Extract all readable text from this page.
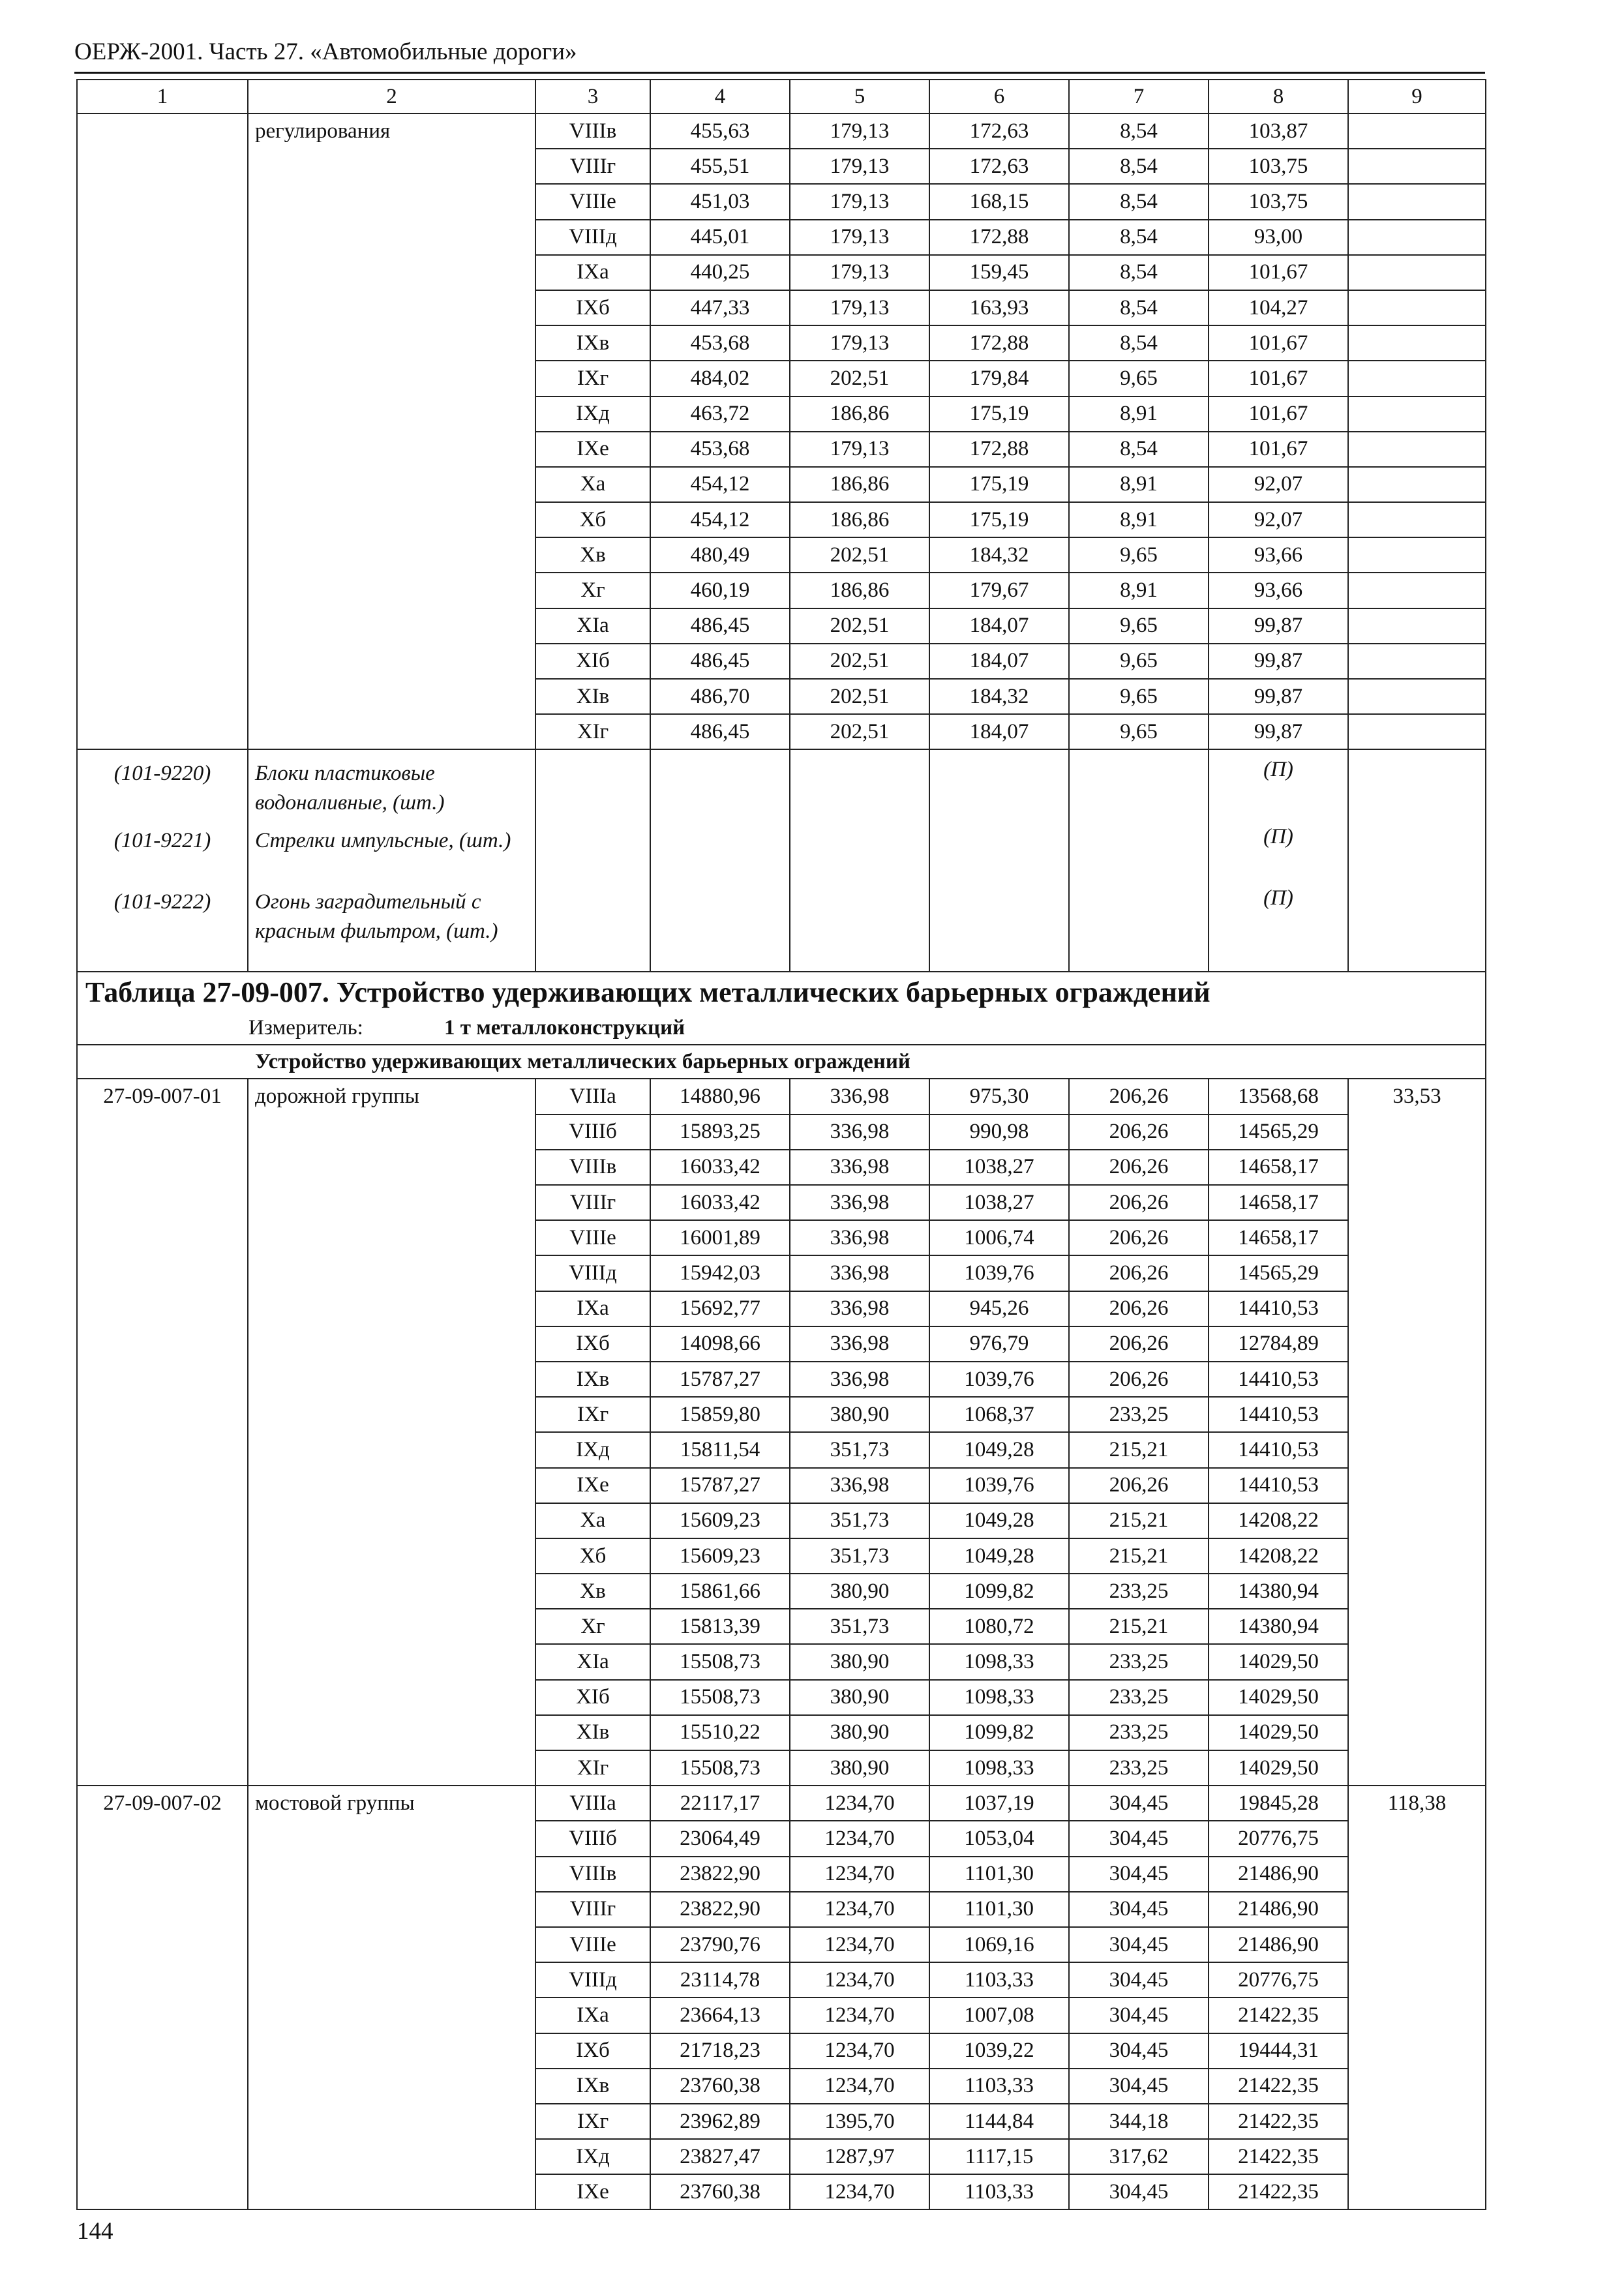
ОЕРЖ-2001. Часть 27. «Автомобильные дороги»
1	2	3	4	5	6	7	8	9
	регулирования	VIIIв	455,63	179,13	172,63	8,54	103,87	
		VIIIг	455,51	179,13	172,63	8,54	103,75	
		VIIIе	451,03	179,13	168,15	8,54	103,75	
		VIIIд	445,01	179,13	172,88	8,54	93,00	
		IXа	440,25	179,13	159,45	8,54	101,67	
		IXб	447,33	179,13	163,93	8,54	104,27	
		IXв	453,68	179,13	172,88	8,54	101,67	
		IXг	484,02	202,51	179,84	9,65	101,67	
		IXд	463,72	186,86	175,19	8,91	101,67	
		IXе	453,68	179,13	172,88	8,54	101,67	
		Xа	454,12	186,86	175,19	8,91	92,07	
		Xб	454,12	186,86	175,19	8,91	92,07	
		Xв	480,49	202,51	184,32	9,65	93,66	
		Xг	460,19	186,86	179,67	8,91	93,66	
		XIа	486,45	202,51	184,07	9,65	99,87	
		XIб	486,45	202,51	184,07	9,65	99,87	
		XIв	486,70	202,51	184,32	9,65	99,87	
		XIг	486,45	202,51	184,07	9,65	99,87	
(101-9220)	Блоки пластиковые водоналивные, (шт.)						(П)	
(101-9221)	Стрелки импульсные, (шт.)						(П)	
(101-9222)	Огонь заградительный с красным фильтром, (шт.)						(П)	
Таблица 27-09-007. Устройство удерживающих металлических барьерных ограждений								

Измеритель: 1 т металлоконструкций								

Устройство удерживающих металлических барьерных ограждений								
27-09-007-01	дорожной группы	VIIIа	14880,96	336,98	975,30	206,26	13568,68	33,53
		VIIIб	15893,25	336,98	990,98	206,26	14565,29	
		VIIIв	16033,42	336,98	1038,27	206,26	14658,17	
		VIIIг	16033,42	336,98	1038,27	206,26	14658,17	
		VIIIе	16001,89	336,98	1006,74	206,26	14658,17	
		VIIIд	15942,03	336,98	1039,76	206,26	14565,29	
		IXа	15692,77	336,98	945,26	206,26	14410,53	
		IXб	14098,66	336,98	976,79	206,26	12784,89	
		IXв	15787,27	336,98	1039,76	206,26	14410,53	
		IXг	15859,80	380,90	1068,37	233,25	14410,53	
		IXд	15811,54	351,73	1049,28	215,21	14410,53	
		IXе	15787,27	336,98	1039,76	206,26	14410,53	
		Xа	15609,23	351,73	1049,28	215,21	14208,22	
		Xб	15609,23	351,73	1049,28	215,21	14208,22	
		Xв	15861,66	380,90	1099,82	233,25	14380,94	
		Xг	15813,39	351,73	1080,72	215,21	14380,94	
		XIа	15508,73	380,90	1098,33	233,25	14029,50	
		XIб	15508,73	380,90	1098,33	233,25	14029,50	
		XIв	15510,22	380,90	1099,82	233,25	14029,50	
		XIг	15508,73	380,90	1098,33	233,25	14029,50	
27-09-007-02	мостовой группы	VIIIа	22117,17	1234,70	1037,19	304,45	19845,28	118,38
		VIIIб	23064,49	1234,70	1053,04	304,45	20776,75	
		VIIIв	23822,90	1234,70	1101,30	304,45	21486,90	
		VIIIг	23822,90	1234,70	1101,30	304,45	21486,90	
		VIIIе	23790,76	1234,70	1069,16	304,45	21486,90	
		VIIIд	23114,78	1234,70	1103,33	304,45	20776,75	
		IXа	23664,13	1234,70	1007,08	304,45	21422,35	
		IXб	21718,23	1234,70	1039,22	304,45	19444,31	
		IXв	23760,38	1234,70	1103,33	304,45	21422,35	
		IXг	23962,89	1395,70	1144,84	344,18	21422,35	
		IXд	23827,47	1287,97	1117,15	317,62	21422,35	
		IXе	23760,38	1234,70	1103,33	304,45	21422,35	
144
